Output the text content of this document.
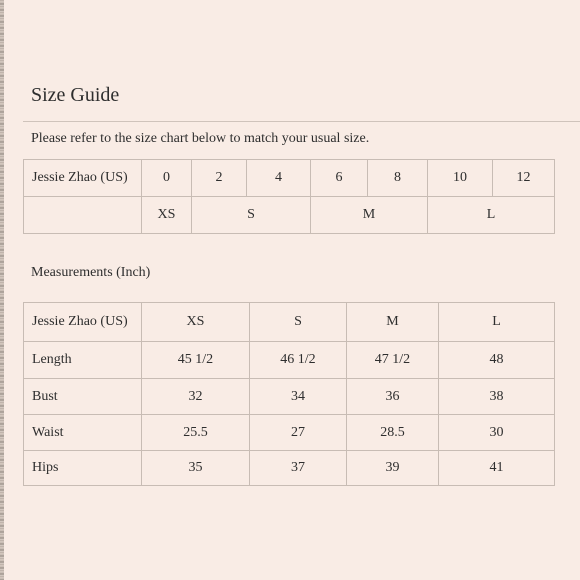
Size Guide
Please refer to the size chart below to match your usual size.
Jessie Zhao (US)	0	2	4	6	8	10	12
	XS	S		M		L	
Measurements (Inch)
Jessie Zhao (US)	XS	S	M	L
Length	45 1/2	46 1/2	47 1/2	48
Bust	32	34	36	38
Waist	25.5	27	28.5	30
Hips	35	37	39	41
